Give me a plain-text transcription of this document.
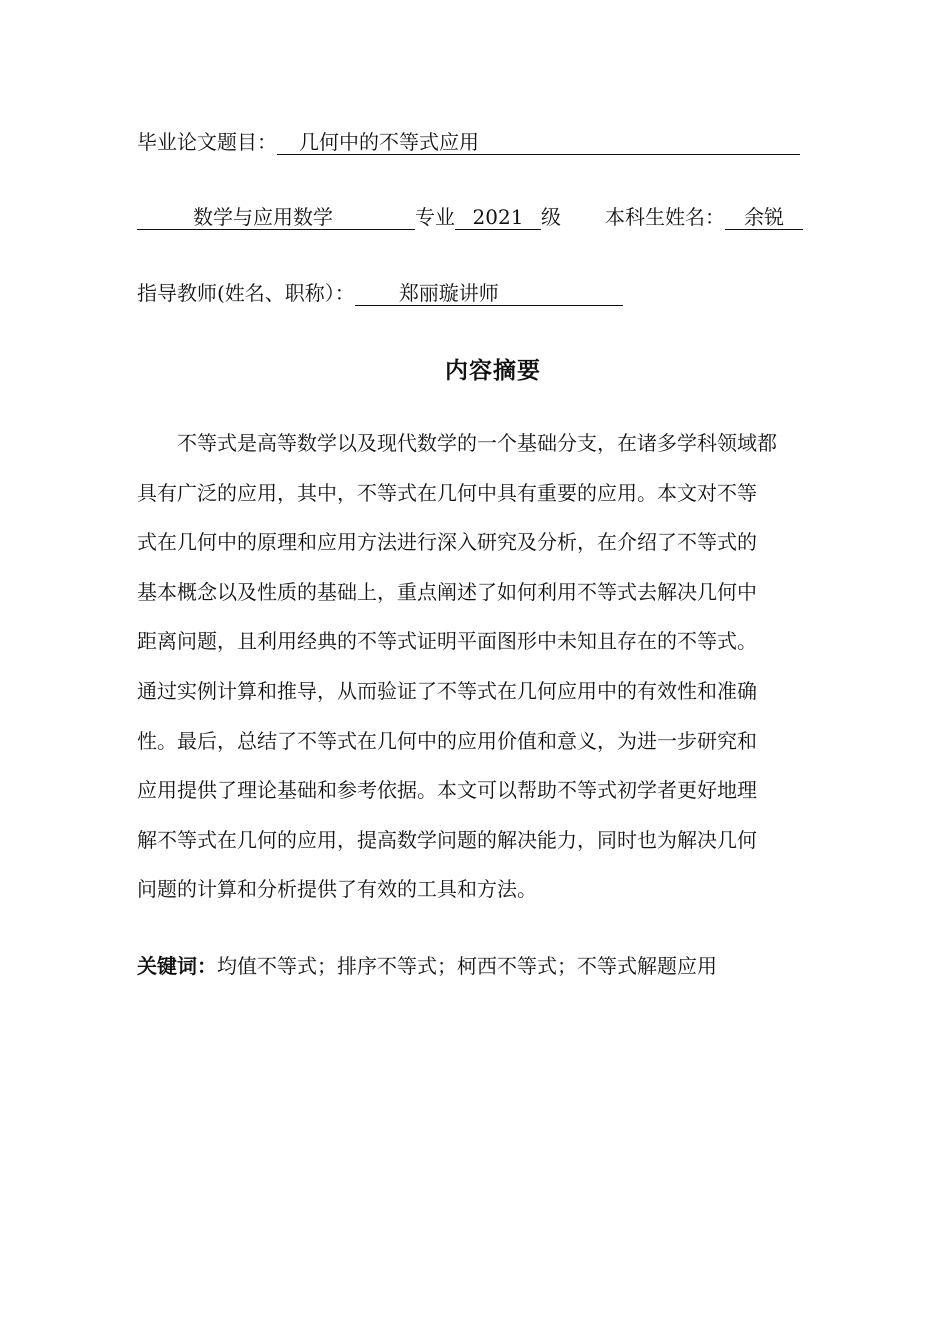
毕业论文题目： 几何中的不等式应用
数学与应用数学	专业 2021 级 本科生姓名： 余锐
指导教师(姓名、职称）： 郑丽璇讲师
内容摘要
　　不等式是高等数学以及现代数学的一个基础分支，在诸多学科领域都
具有广泛的应用，其中，不等式在几何中具有重要的应用。本文对不等
式在几何中的原理和应用方法进行深入研究及分析，在介绍了不等式的
基本概念以及性质的基础上，重点阐述了如何利用不等式去解决几何中
距离问题，且利用经典的不等式证明平面图形中未知且存在的不等式。
通过实例计算和推导，从而验证了不等式在几何应用中的有效性和准确
性。最后，总结了不等式在几何中的应用价值和意义，为进一步研究和
应用提供了理论基础和参考依据。本文可以帮助不等式初学者更好地理
解不等式在几何的应用，提高数学问题的解决能力，同时也为解决几何
问题的计算和分析提供了有效的工具和方法。
关键词：均值不等式；排序不等式；柯西不等式；不等式解题应用
